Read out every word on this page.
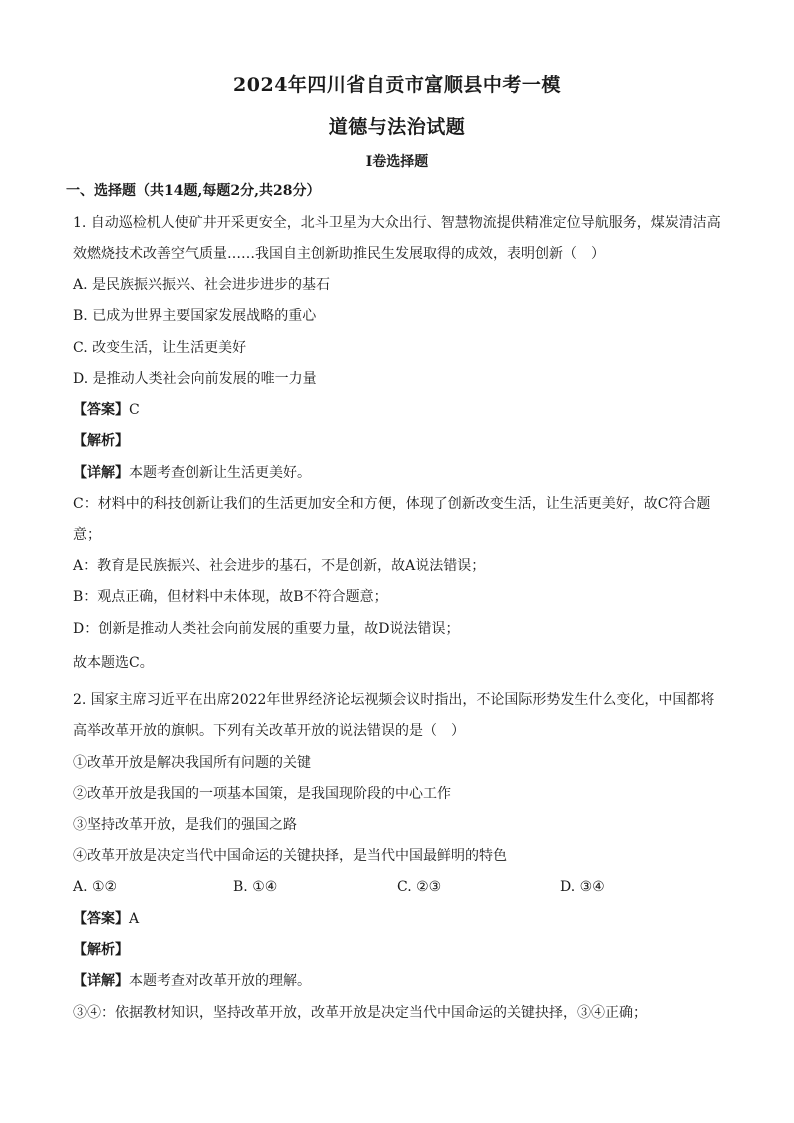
2024年四川省自贡市富顺县中考一模
道德与法治试题
I卷选择题
一、选择题（共14题,每题2分,共28分）
1. 自动巡检机人使矿井开采更安全，北斗卫星为大众出行、智慧物流提供精准定位导航服务，煤炭清洁高
效燃烧技术改善空气质量……我国自主创新助推民生发展取得的成效，表明创新（　）
A. 是民族振兴振兴、社会进步进步的基石
B. 已成为世界主要国家发展战略的重心
C. 改变生活，让生活更美好
D. 是推动人类社会向前发展的唯一力量
【答案】C
【解析】
【详解】本题考查创新让生活更美好。
C：材料中的科技创新让我们的生活更加安全和方便，体现了创新改变生活，让生活更美好，故C符合题
意；
A：教育是民族振兴、社会进步的基石，不是创新，故A说法错误；
B：观点正确，但材料中未体现，故B不符合题意；
D：创新是推动人类社会向前发展的重要力量，故D说法错误；
故本题选C。
2. 国家主席习近平在出席2022年世界经济论坛视频会议时指出，不论国际形势发生什么变化，中国都将
高举改革开放的旗帜。下列有关改革开放的说法错误的是（　）
①改革开放是解决我国所有问题的关键
②改革开放是我国的一项基本国策，是我国现阶段的中心工作
③坚持改革开放，是我们的强国之路
④改革开放是决定当代中国命运的关键抉择，是当代中国最鲜明的特色
A. ①②	B. ①④	C. ②③	D. ③④
【答案】A
【解析】
【详解】本题考查对改革开放的理解。
③④：依据教材知识，坚持改革开放，改革开放是决定当代中国命运的关键抉择，③④正确；
